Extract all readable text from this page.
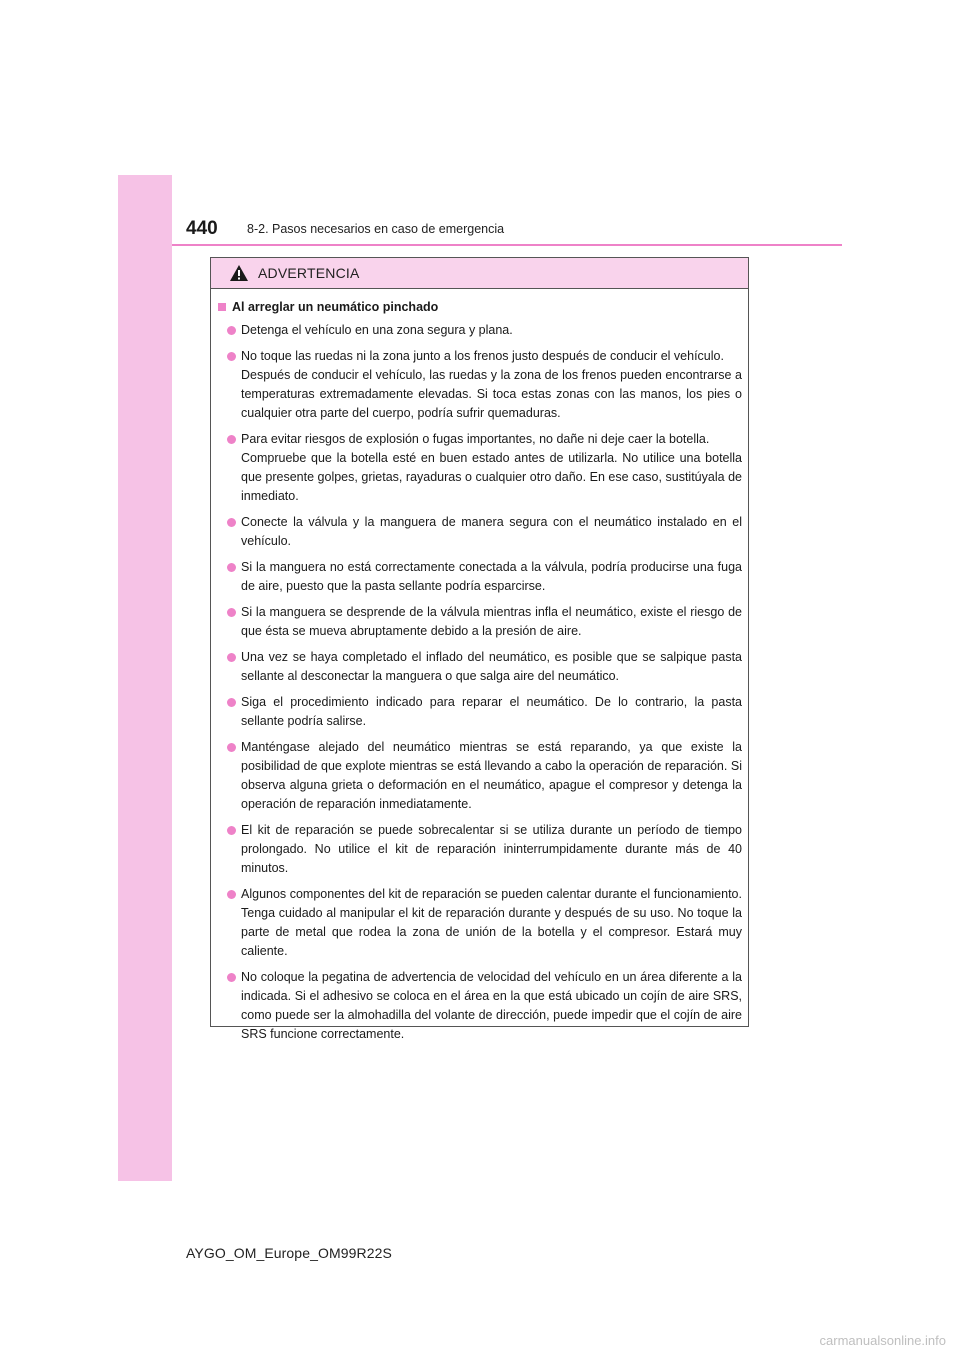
440 8-2. Pasos necesarios en caso de emergencia
ADVERTENCIA
Al arreglar un neumático pinchado
Detenga el vehículo en una zona segura y plana.
No toque las ruedas ni la zona junto a los frenos justo después de conducir el vehículo.
Después de conducir el vehículo, las ruedas y la zona de los frenos pueden encontrarse a temperaturas extremadamente elevadas. Si toca estas zonas con las manos, los pies o cualquier otra parte del cuerpo, podría sufrir quemaduras.
Para evitar riesgos de explosión o fugas importantes, no dañe ni deje caer la botella.
Compruebe que la botella esté en buen estado antes de utilizarla. No utilice una botella que presente golpes, grietas, rayaduras o cualquier otro daño. En ese caso, sustitúyala de inmediato.
Conecte la válvula y la manguera de manera segura con el neumático instalado en el vehículo.
Si la manguera no está correctamente conectada a la válvula, podría producirse una fuga de aire, puesto que la pasta sellante podría esparcirse.
Si la manguera se desprende de la válvula mientras infla el neumático, existe el riesgo de que ésta se mueva abruptamente debido a la presión de aire.
Una vez se haya completado el inflado del neumático, es posible que se salpique pasta sellante al desconectar la manguera o que salga aire del neumático.
Siga el procedimiento indicado para reparar el neumático. De lo contrario, la pasta sellante podría salirse.
Manténgase alejado del neumático mientras se está reparando, ya que existe la posibilidad de que explote mientras se está llevando a cabo la operación de reparación. Si observa alguna grieta o deformación en el neumático, apague el compresor y detenga la operación de reparación inmediatamente.
El kit de reparación se puede sobrecalentar si se utiliza durante un período de tiempo prolongado. No utilice el kit de reparación ininterrumpidamente durante más de 40 minutos.
Algunos componentes del kit de reparación se pueden calentar durante el funcionamiento. Tenga cuidado al manipular el kit de reparación durante y después de su uso. No toque la parte de metal que rodea la zona de unión de la botella y el compresor. Estará muy caliente.
No coloque la pegatina de advertencia de velocidad del vehículo en un área diferente a la indicada. Si el adhesivo se coloca en el área en la que está ubicado un cojín de aire SRS, como puede ser la almohadilla del volante de dirección, puede impedir que el cojín de aire SRS funcione correctamente.
AYGO_OM_Europe_OM99R22S
carmanualsonline.info
